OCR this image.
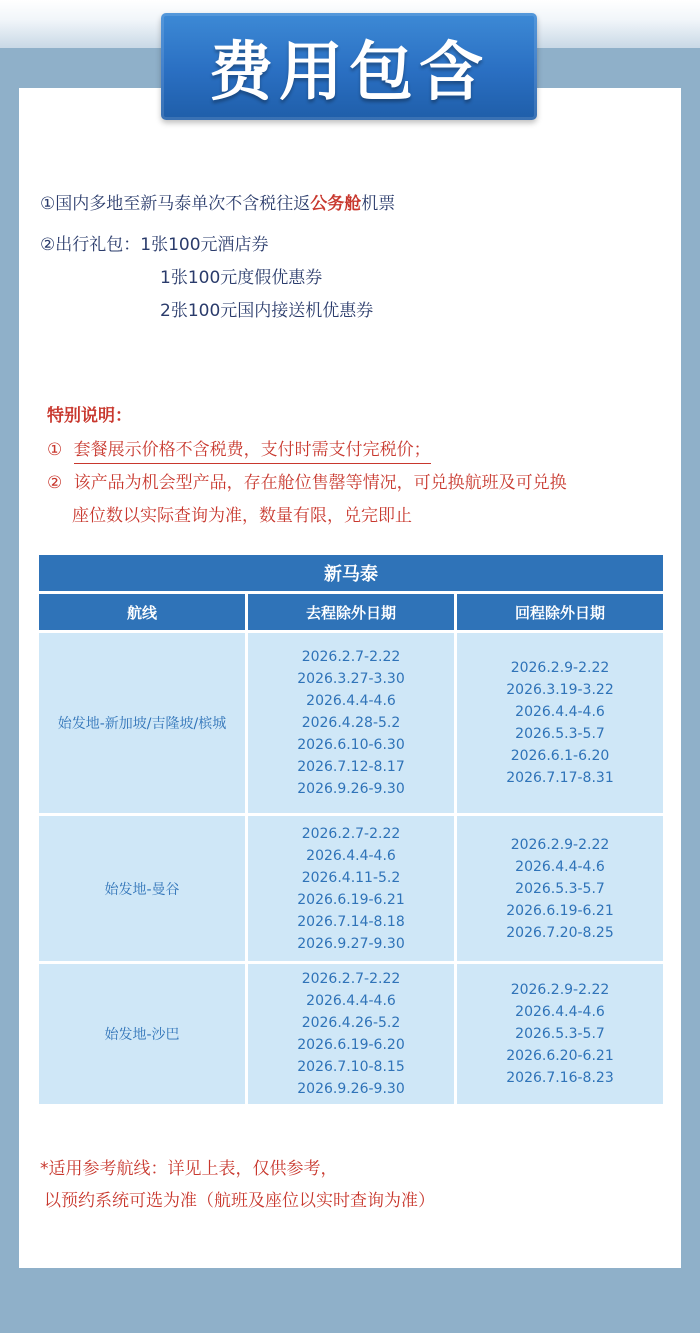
费用包含
①国内多地至新马泰单次不含税往返公务舱机票
②出行礼包：1张100元酒店券
1张100元度假优惠券
2张100元国内接送机优惠券
特别说明：
① 套餐展示价格不含税费，支付时需支付完税价；
② 该产品为机会型产品，存在舱位售罄等情况，可兑换航班及可兑换
座位数以实际查询为准，数量有限，兑完即止
新马泰
航线	去程除外日期	回程除外日期
始发地-新加坡/吉隆坡/槟城
2026.2.7-2.22
2026.3.27-3.30
2026.4.4-4.6
2026.4.28-5.2
2026.6.10-6.30
2026.7.12-8.17
2026.9.26-9.30
2026.2.9-2.22
2026.3.19-3.22
2026.4.4-4.6
2026.5.3-5.7
2026.6.1-6.20
2026.7.17-8.31
始发地-曼谷
2026.2.7-2.22
2026.4.4-4.6
2026.4.11-5.2
2026.6.19-6.21
2026.7.14-8.18
2026.9.27-9.30
2026.2.9-2.22
2026.4.4-4.6
2026.5.3-5.7
2026.6.19-6.21
2026.7.20-8.25
始发地-沙巴
2026.2.7-2.22
2026.4.4-4.6
2026.4.26-5.2
2026.6.19-6.20
2026.7.10-8.15
2026.9.26-9.30
2026.2.9-2.22
2026.4.4-4.6
2026.5.3-5.7
2026.6.20-6.21
2026.7.16-8.23
*适用参考航线：详见上表，仅供参考，
以预约系统可选为准（航班及座位以实时查询为准）
